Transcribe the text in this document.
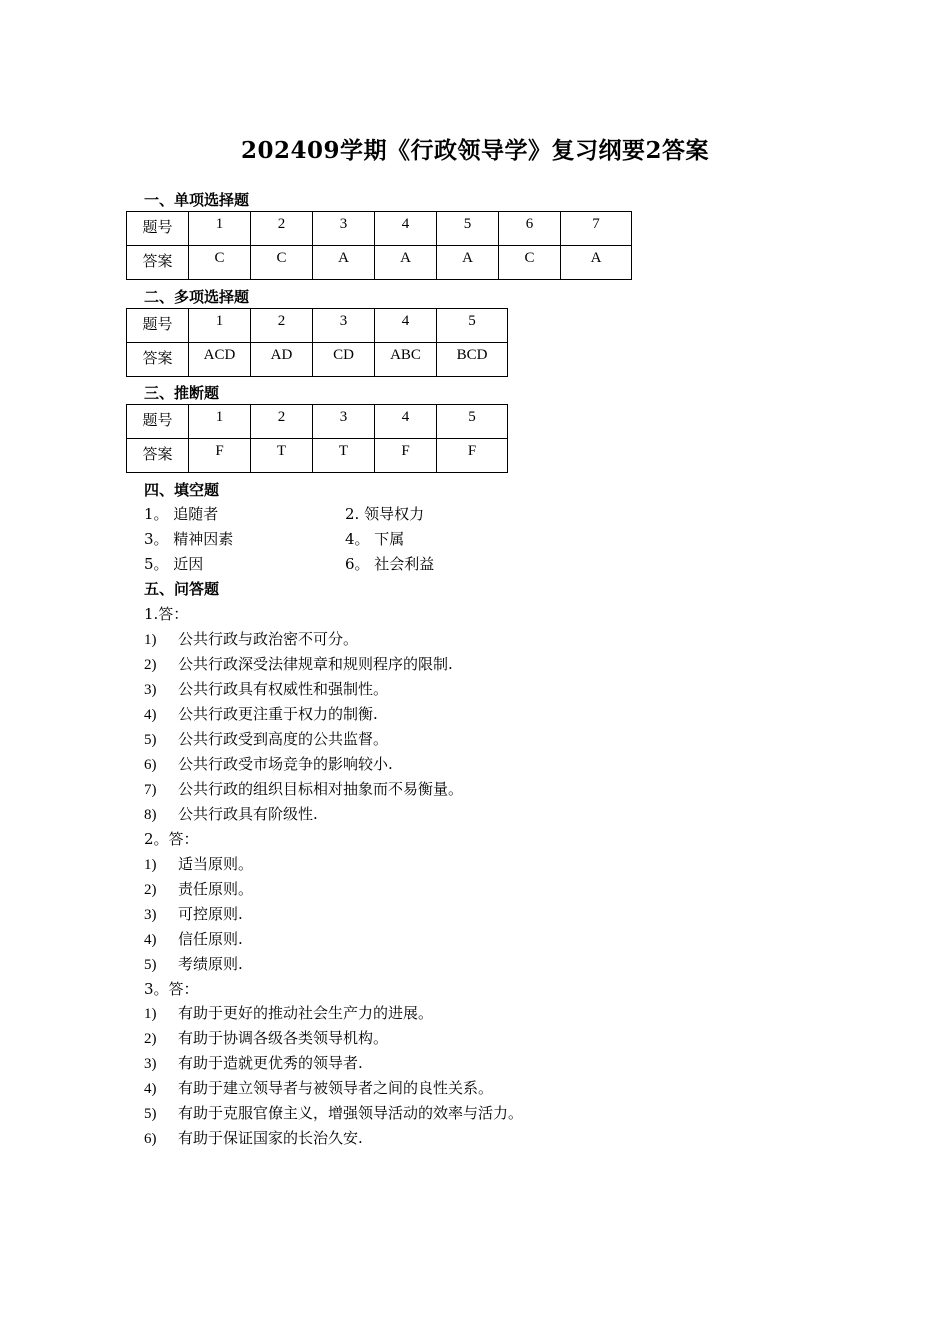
202409学期《行政领导学》复习纲要2答案
一、单项选择题
题号	1	2	3	4	5	6	7
答案	C	C	A	A	A	C	A
二、多项选择题
题号	1	2	3	4	5
答案	ACD	AD	CD	ABC	BCD
三、推断题
题号	1	2	3	4	5
答案	F	T	T	F	F
四、填空题
1。 追随者	2. 领导权力
3。 精神因素	4。 下属
5。 近因	6。 社会利益
五、问答题
1.答：
1) 公共行政与政治密不可分。
2) 公共行政深受法律规章和规则程序的限制.
3) 公共行政具有权威性和强制性。
4) 公共行政更注重于权力的制衡.
5) 公共行政受到高度的公共监督。
6) 公共行政受市场竞争的影响较小.
7) 公共行政的组织目标相对抽象而不易衡量。
8) 公共行政具有阶级性.
2。答：
1) 适当原则。
2) 责任原则。
3) 可控原则.
4) 信任原则.
5) 考绩原则.
3。答：
1) 有助于更好的推动社会生产力的进展。
2) 有助于协调各级各类领导机构。
3) 有助于造就更优秀的领导者.
4) 有助于建立领导者与被领导者之间的良性关系。
5) 有助于克服官僚主义，增强领导活动的效率与活力。
6) 有助于保证国家的长治久安.
